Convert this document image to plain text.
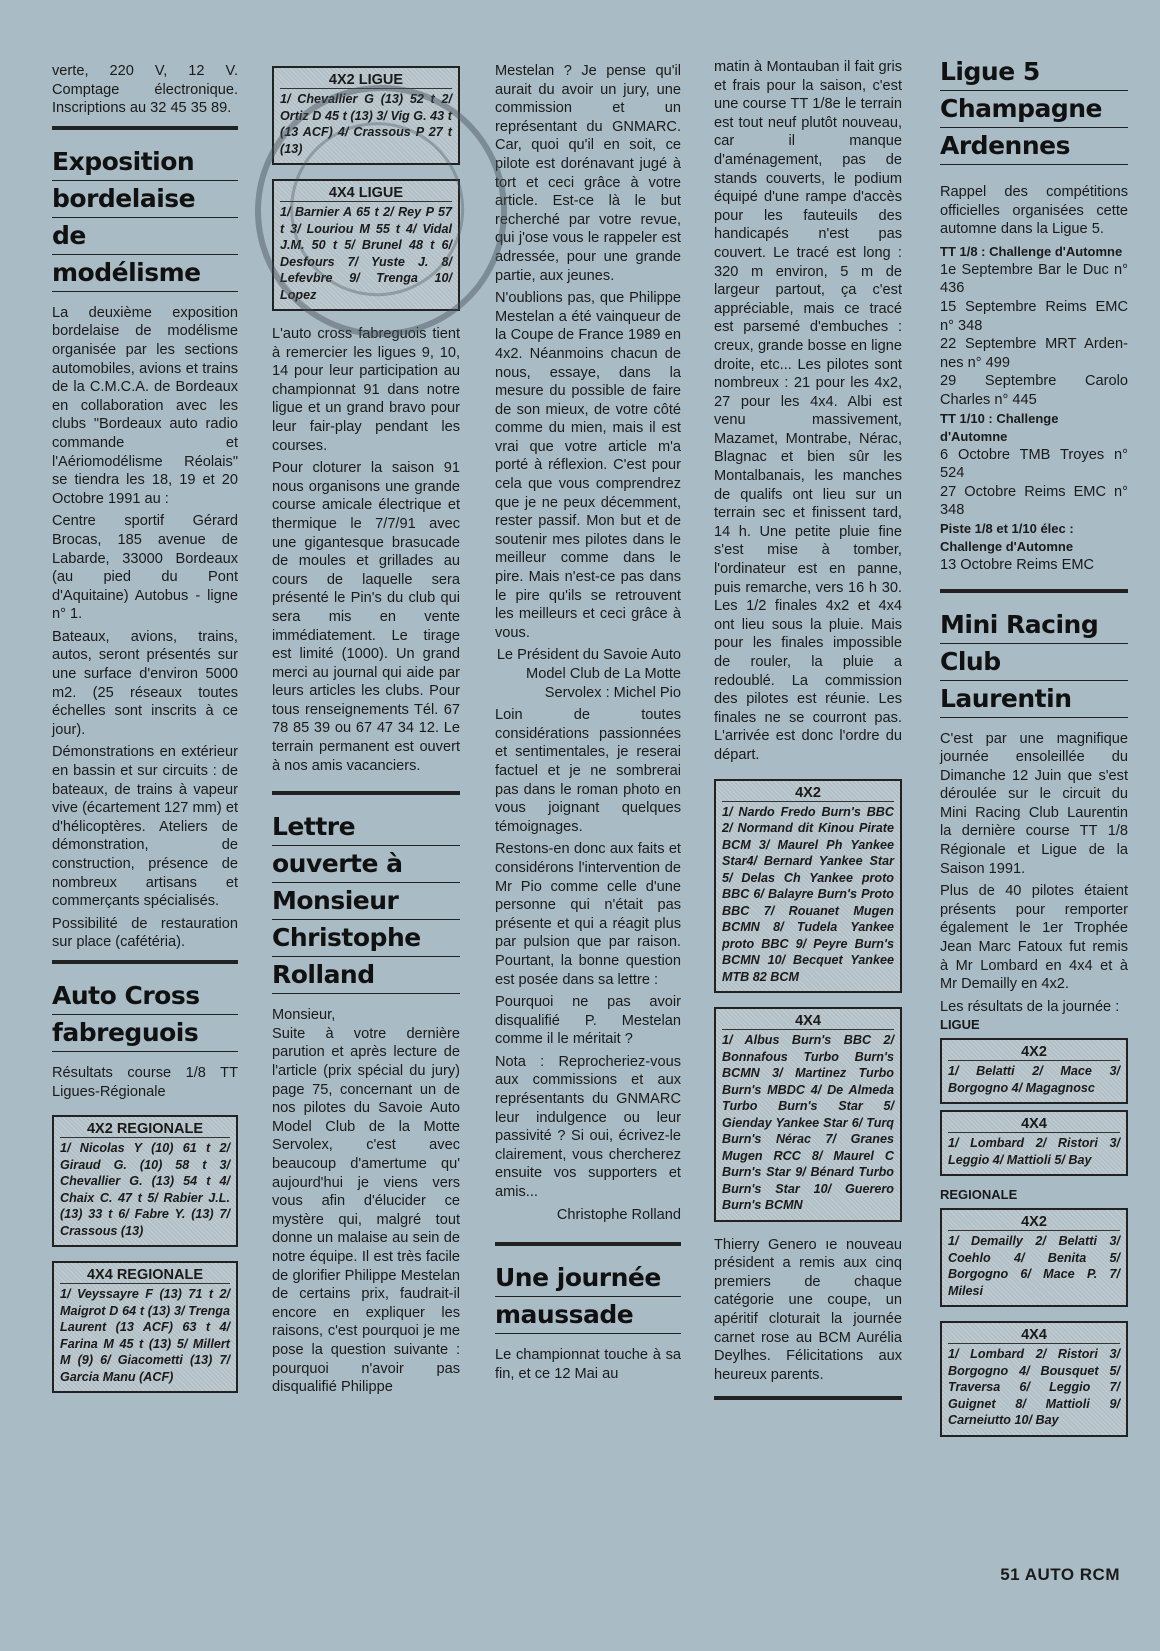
verte, 220 V, 12 V. Comptage électronique. Inscriptions au 32 45 35 89.

Exposition
bordelaise
de
modélisme

La deuxième exposition bordelaise de modélisme organisée par les sections automobiles, avions et trains de la C.M.C.A. de Bordeaux en collaboration avec les clubs "Bordeaux auto radio commande et l'Aériomodélisme Réolais" se tiendra les 18, 19 et 20 Octobre 1991 au :

Centre sportif Gérard Brocas, 185 avenue de Labarde, 33000 Bordeaux (au pied du Pont d'Aquitaine) Autobus - ligne n° 1.

Bateaux, avions, trains, autos, seront présentés sur une surface d'environ 5000 m2. (25 réseaux toutes échelles sont inscrits à ce jour).

Démonstrations en extérieur en bassin et sur circuits : de bateaux, de trains à vapeur vive (écartement 127 mm) et d'hélicoptères. Ateliers de démonstration, de construction, présence de nombreux artisans et commerçants spécialisés.

Possibilité de restauration sur place (cafétéria).

Auto Cross
fabreguois

Résultats course 1/8 TT Ligues-Régionale

4X2 REGIONALE
1/ Nicolas Y (10) 61 t 2/ Giraud G. (10) 58 t 3/ Chevallier G. (13) 54 t 4/ Chaix C. 47 t 5/ Rabier J.L.(13) 33 t 6/ Fabre Y. (13) 7/ Crassous (13)
4X4 REGIONALE
1/ Veyssayre F (13) 71 t 2/ Maigrot D 64 t (13) 3/ Trenga Laurent (13 ACF) 63 t 4/ Farina M 45 t (13) 5/ Millert M (9) 6/ Giacometti (13) 7/ Garcia Manu (ACF)
4X2 LIGUE
1/ Chevallier G (13) 52 t 2/ Ortiz D 45 t (13) 3/ Vig G. 43 t (13 ACF) 4/ Crassous P 27 t (13)
4X4 LIGUE
1/ Barnier A 65 t 2/ Rey P 57 t 3/ Louriou M 55 t 4/ Vidal J.M. 50 t 5/ Brunel 48 t 6/ Desfours 7/ Yuste J. 8/ Lefevbre 9/ Trenga 10/ Lopez

L'auto cross fabreguois tient à remercier les ligues 9, 10, 14 pour leur participation au championnat 91 dans notre ligue et un grand bravo pour leur fair-play pendant les courses.

Pour cloturer la saison 91 nous organisons une grande course amicale électrique et thermique le 7/7/91 avec une gigantesque brasucade de moules et grillades au cours de laquelle sera présenté le Pin's du club qui sera mis en vente immédiatement. Le tirage est limité (1000). Un grand merci au journal qui aide par leurs articles les clubs. Pour tous renseignements Tél. 67 78 85 39 ou 67 47 34 12. Le terrain permanent est ouvert à nos amis vacanciers.

Lettre
ouverte à
Monsieur
Christophe
Rolland

Monsieur,

Suite à votre dernière parution et après lecture de l'article (prix spécial du jury) page 75, concernant un de nos pilotes du Savoie Auto Model Club de la Motte Servolex, c'est avec beaucoup d'amertume qu' aujourd'hui je viens vers vous afin d'élucider ce mystère qui, malgré tout donne un malaise au sein de notre équipe. Il est très facile de glorifier Philippe Mestelan de certains prix, faudrait-il encore en expliquer les raisons, c'est pourquoi je me pose la question suivante : pourquoi n'avoir pas disqualifié Philippe

Mestelan ? Je pense qu'il aurait du avoir un jury, une commission et un représentant du GNMARC. Car, quoi qu'il en soit, ce pilote est dorénavant jugé à tort et ceci grâce à votre article. Est-ce là le but recherché par votre revue, qui j'ose vous le rappeler est adressée, pour une grande partie, aux jeunes.

N'oublions pas, que Philippe Mestelan a été vainqueur de la Coupe de France 1989 en 4x2. Néanmoins chacun de nous, essaye, dans la mesure du possible de faire de son mieux, de votre côté comme du mien, mais il est vrai que votre article m'a porté à réflexion. C'est pour cela que vous comprendrez que je ne peux décemment, rester passif. Mon but et de soutenir mes pilotes dans le meilleur comme dans le pire. Mais n'est-ce pas dans le pire qu'ils se retrouvent les meilleurs et ceci grâce à vous.

Le Président du Savoie Auto Model Club de La Motte Servolex : Michel Pio

Loin de toutes considérations passionnées et sentimentales, je reserai factuel et je ne sombrerai pas dans le roman photo en vous joignant quelques témoignages.

Restons-en donc aux faits et considérons l'intervention de Mr Pio comme celle d'une personne qui n'était pas présente et qui a réagit plus par pulsion que par raison. Pourtant, la bonne question est posée dans sa lettre :

Pourquoi ne pas avoir disqualifié P. Mestelan comme il le méritait ?

Nota : Reprocheriez-vous aux commissions et aux représentants du GNMARC leur indulgence ou leur passivité ? Si oui, écrivez-le clairement, vous chercherez ensuite vos supporters et amis...

Christophe Rolland

Une journée
maussade

Le championnat touche à sa fin, et ce 12 Mai au

matin à Montauban il fait gris et frais pour la saison, c'est une course TT 1/8e le terrain est tout neuf plutôt nouveau, car il manque d'aménagement, pas de stands couverts, le podium équipé d'une rampe d'accès pour les fauteuils des handicapés n'est pas couvert. Le tracé est long : 320 m environ, 5 m de largeur partout, ça c'est appréciable, mais ce tracé est parsemé d'embuches : creux, grande bosse en ligne droite, etc... Les pilotes sont nombreux : 21 pour les 4x2, 27 pour les 4x4. Albi est venu massivement, Mazamet, Montrabe, Nérac, Blagnac et bien sûr les Montalbanais, les manches de qualifs ont lieu sur un terrain sec et finissent tard, 14 h. Une petite pluie fine s'est mise à tomber, l'ordinateur est en panne, puis remarche, vers 16 h 30. Les 1/2 finales 4x2 et 4x4 ont lieu sous la pluie. Mais pour les finales impossible de rouler, la pluie a redoublé. La commission des pilotes est réunie. Les finales ne se courront pas. L'arrivée est donc l'ordre du départ.

4X2
1/ Nardo Fredo Burn's BBC 2/ Normand dit Kinou Pirate BCM 3/ Maurel Ph Yankee Star4/ Bernard Yankee Star 5/ Delas Ch Yankee proto BBC 6/ Balayre Burn's Proto BBC 7/ Rouanet Mugen BCMN 8/ Tudela Yankee proto BBC 9/ Peyre Burn's BCMN 10/ Becquet Yankee MTB 82 BCM
4X4
1/ Albus Burn's BBC 2/ Bonnafous Turbo Burn's BCMN 3/ Martinez Turbo Burn's MBDC 4/ De Almeda Turbo Burn's Star 5/ Gienday Yankee Star 6/ Turq Burn's Nérac 7/ Granes Mugen RCC 8/ Maurel C Burn's Star 9/ Bénard Turbo Burn's Star 10/ Guerero Burn's BCMN

Thierry Genero ıe nouveau président a remis aux cinq premiers de chaque catégorie une coupe, un apéritif cloturait la journée carnet rose au BCM Aurélia Deylhes. Félicitations aux heureux parents.

Ligue 5
Champagne
Ardennes

Rappel des compétitions officielles organisées cette automne dans la Ligue 5.

TT 1/8 : Challenge d'Automne

1e Septembre Bar le Duc n° 436

15 Septembre Reims EMC n° 348

22 Septembre MRT Arden-nes n° 499

29 Septembre Carolo Charles n° 445

TT 1/10 : Challenge d'Automne

6 Octobre TMB Troyes n° 524

27 Octobre Reims EMC n° 348

Piste 1/8 et 1/10 élec : Challenge d'Automne

13 Octobre Reims EMC

Mini Racing
Club
Laurentin

C'est par une magnifique journée ensoleillée du Dimanche 12 Juin que s'est déroulée sur le circuit du Mini Racing Club Laurentin la dernière course TT 1/8 Régionale et Ligue de la Saison 1991.

Plus de 40 pilotes étaient présents pour remporter également le 1er Trophée Jean Marc Fatoux fut remis à Mr Lombard en 4x4 et à Mr Demailly en 4x2.

Les résultats de la journée :

LIGUE
4X2
1/ Belatti 2/ Mace 3/ Borgogno 4/ Magagnosc
4X4
1/ Lombard 2/ Ristori 3/ Leggio 4/ Mattioli 5/ Bay
REGIONALE
4X2
1/ Demailly 2/ Belatti 3/ Coehlo 4/ Benita 5/ Borgogno 6/ Mace P. 7/ Milesi
4X4
1/ Lombard 2/ Ristori 3/ Borgogno 4/ Bousquet 5/ Traversa 6/ Leggio 7/ Guignet 8/ Mattioli 9/ Carneiutto 10/ Bay
51 AUTO RCM
